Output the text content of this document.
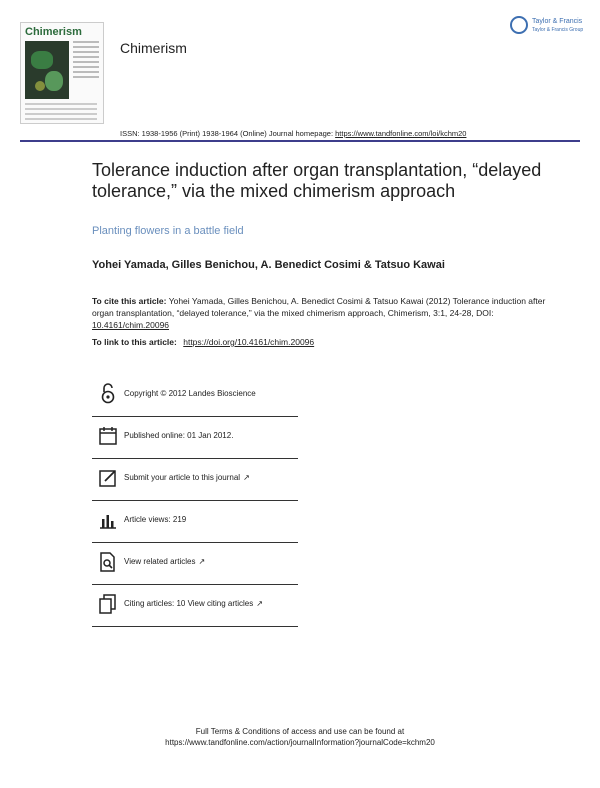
Chimerism
Chimerism
Taylor & Francis
Taylor & Francis Group
ISSN: 1938-1956 (Print) 1938-1964 (Online) Journal homepage: https://www.tandfonline.com/loi/kchm20
Tolerance induction after organ transplantation, “delayed tolerance,” via the mixed chimerism approach
Planting flowers in a battle field
Yohei Yamada, Gilles Benichou, A. Benedict Cosimi & Tatsuo Kawai
To cite this article: Yohei Yamada, Gilles Benichou, A. Benedict Cosimi & Tatsuo Kawai (2012) Tolerance induction after organ transplantation, “delayed tolerance,” via the mixed chimerism approach, Chimerism, 3:1, 24-28, DOI: 10.4161/chim.20096
To link to this article: https://doi.org/10.4161/chim.20096
Copyright © 2012 Landes Bioscience
Published online: 01 Jan 2012.
Submit your article to this journal ↗
Article views: 219
View related articles ↗
Citing articles: 10 View citing articles ↗
Full Terms & Conditions of access and use can be found at
https://www.tandfonline.com/action/journalInformation?journalCode=kchm20
